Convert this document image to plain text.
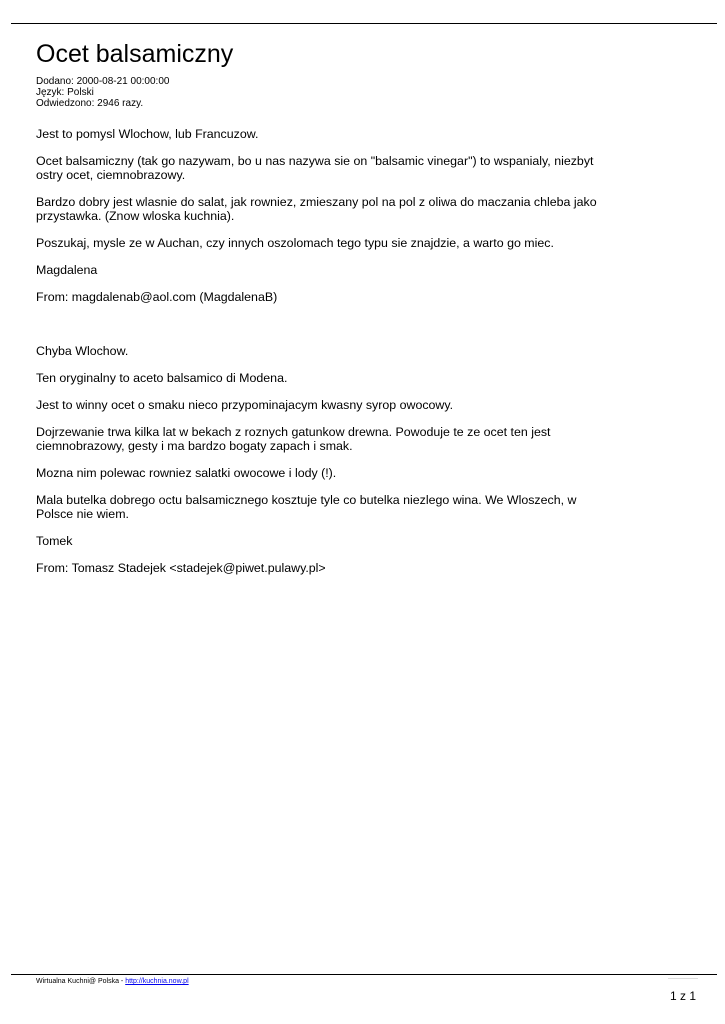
Ocet balsamiczny
Dodano: 2000-08-21 00:00:00
Język: Polski
Odwiedzono: 2946 razy.

Jest to pomysl Wlochow, lub Francuzow.

Ocet balsamiczny (tak go nazywam, bo u nas nazywa sie on "balsamic vinegar") to wspanialy, niezbyt ostry ocet, ciemnobrazowy.

Bardzo dobry jest wlasnie do salat, jak rowniez, zmieszany pol na pol z oliwa do maczania chleba jako przystawka. (Znow wloska kuchnia).

Poszukaj, mysle ze w Auchan, czy innych oszolomach tego typu sie znajdzie, a warto go miec.

Magdalena

From: magdalenab@aol.com (MagdalenaB)

Chyba Wlochow.

Ten oryginalny to aceto balsamico di Modena.

Jest to winny ocet o smaku nieco przypominajacym kwasny syrop owocowy.

Dojrzewanie trwa kilka lat w bekach z roznych gatunkow drewna. Powoduje te ze ocet ten jest ciemnobrazowy, gesty i ma bardzo bogaty zapach i smak.

Mozna nim polewac rowniez salatki owocowe i lody (!).

Mala butelka dobrego octu balsamicznego kosztuje tyle co butelka niezlego wina. We Wloszech, w Polsce nie wiem.

Tomek

From: Tomasz Stadejek <stadejek@piwet.pulawy.pl>

Wirtualna Kuchni@ Polska - http://kuchnia.now.pl
1 z 1
